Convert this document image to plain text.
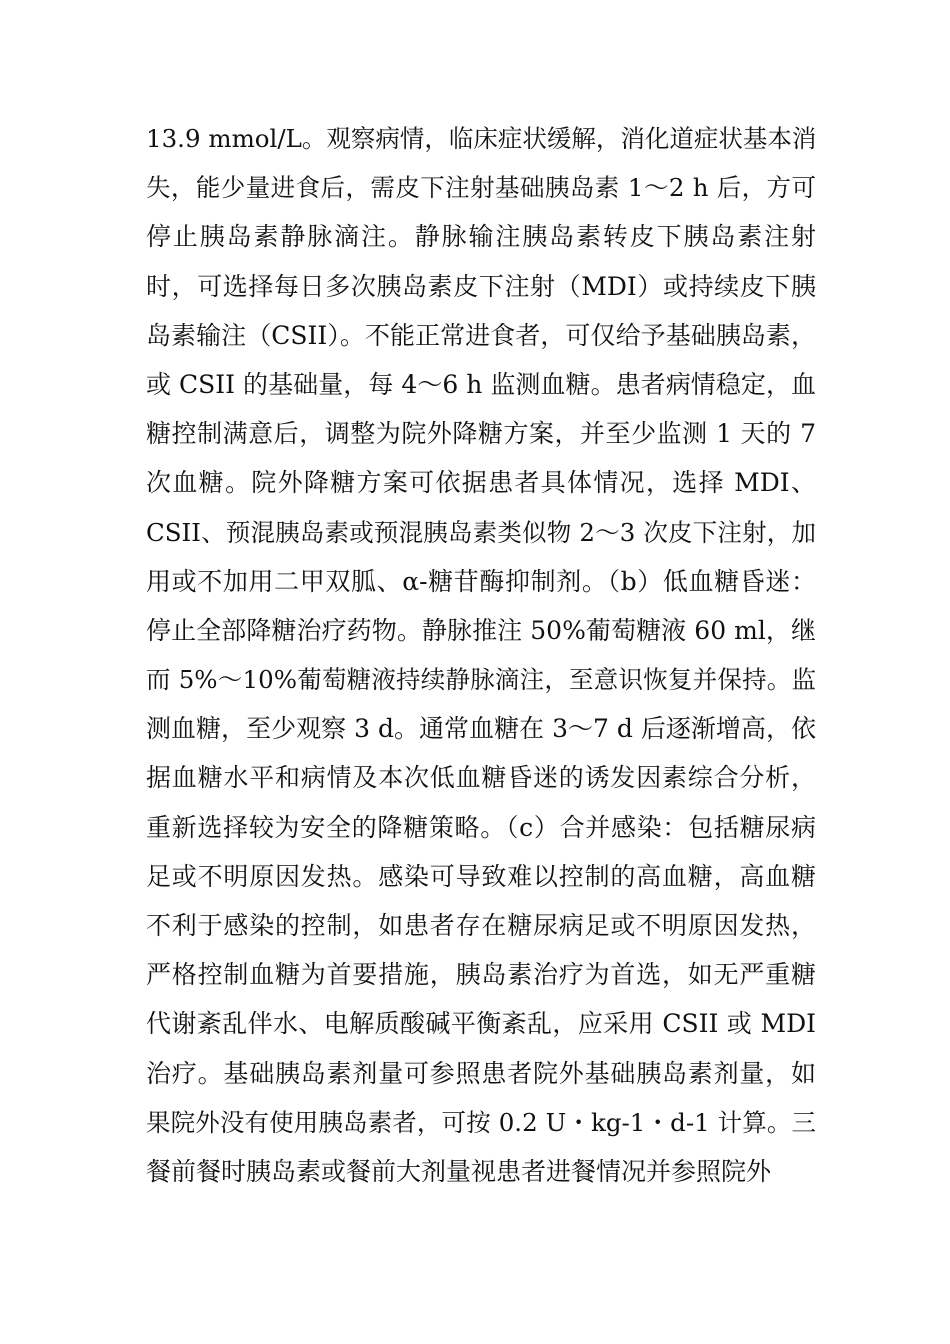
13.9 mmol/L。观察病情，临床症状缓解，消化道症状基本消
失，能少量进食后，需皮下注射基础胰岛素 1～2 h 后，方可
停止胰岛素静脉滴注。静脉输注胰岛素转皮下胰岛素注射
时，可选择每日多次胰岛素皮下注射（MDI）或持续皮下胰
岛素输注（CSII）。不能正常进食者，可仅给予基础胰岛素，
或 CSII 的基础量，每 4～6 h 监测血糖。患者病情稳定，血
糖控制满意后，调整为院外降糖方案，并至少监测 1 天的 7
次血糖。院外降糖方案可依据患者具体情况，选择 MDI、
CSII、预混胰岛素或预混胰岛素类似物 2～3 次皮下注射，加
用或不加用二甲双胍、α-糖苷酶抑制剂。（b）低血糖昏迷：
停止全部降糖治疗药物。静脉推注 50%葡萄糖液 60 ml，继
而 5%～10%葡萄糖液持续静脉滴注，至意识恢复并保持。监
测血糖，至少观察 3 d。通常血糖在 3～7 d 后逐渐增高，依
据血糖水平和病情及本次低血糖昏迷的诱发因素综合分析，
重新选择较为安全的降糖策略。（c）合并感染：包括糖尿病
足或不明原因发热。感染可导致难以控制的高血糖，高血糖
不利于感染的控制，如患者存在糖尿病足或不明原因发热，
严格控制血糖为首要措施，胰岛素治疗为首选，如无严重糖
代谢紊乱伴水、电解质酸碱平衡紊乱，应采用 CSII 或 MDI
治疗。基础胰岛素剂量可参照患者院外基础胰岛素剂量，如
果院外没有使用胰岛素者，可按 0.2 U・kg-1・d-1 计算。三
餐前餐时胰岛素或餐前大剂量视患者进餐情况并参照院外
